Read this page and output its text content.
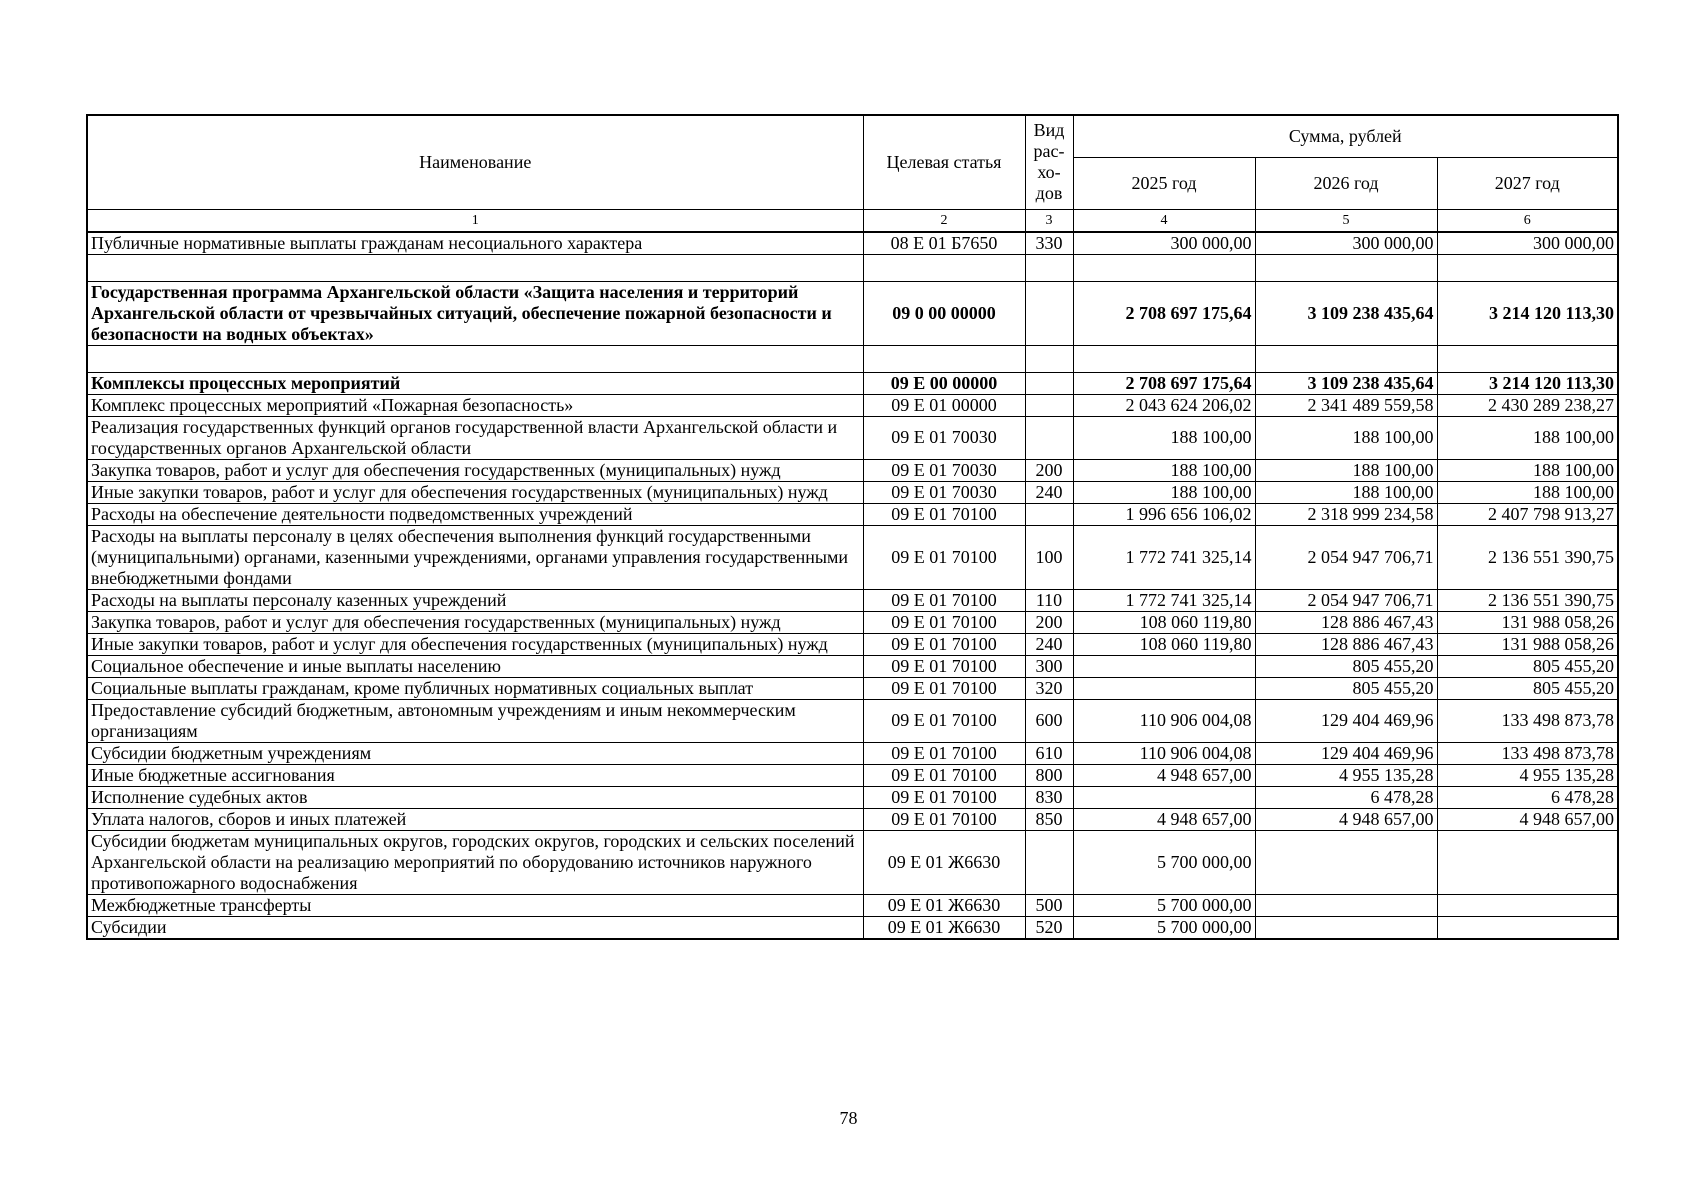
Наименование	Целевая статья	Вид
рас-
хо-
дов	Сумма, рублей		
			2025 год	2026 год	2027 год
1	2	3	4	5	6
Публичные нормативные выплаты гражданам несоциального характера	08 Е 01 Б7650	330	300 000,00	300 000,00	300 000,00

Государственная программа Архангельской области «Защита населения и территорий Архангельской области от чрезвычайных ситуаций, обеспечение пожарной безопасности и безопасности на водных объектах»	09 0 00 00000		2 708 697 175,64	3 109 238 435,64	3 214 120 113,30

Комплексы процессных мероприятий	09 Е 00 00000		2 708 697 175,64	3 109 238 435,64	3 214 120 113,30
Комплекс процессных мероприятий «Пожарная безопасность»	09 Е 01 00000		2 043 624 206,02	2 341 489 559,58	2 430 289 238,27
Реализация государственных функций органов государственной власти Архангельской области и государственных органов Архангельской области	09 Е 01 70030		188 100,00	188 100,00	188 100,00
Закупка товаров, работ и услуг для обеспечения государственных (муниципальных) нужд	09 Е 01 70030	200	188 100,00	188 100,00	188 100,00
Иные закупки товаров, работ и услуг для обеспечения государственных (муниципальных) нужд	09 Е 01 70030	240	188 100,00	188 100,00	188 100,00
Расходы на обеспечение деятельности подведомственных учреждений	09 Е 01 70100		1 996 656 106,02	2 318 999 234,58	2 407 798 913,27
Расходы на выплаты персоналу в целях обеспечения выполнения функций государственными (муниципальными) органами, казенными учреждениями, органами управления государственными внебюджетными фондами	09 Е 01 70100	100	1 772 741 325,14	2 054 947 706,71	2 136 551 390,75
Расходы на выплаты персоналу казенных учреждений	09 Е 01 70100	110	1 772 741 325,14	2 054 947 706,71	2 136 551 390,75
Закупка товаров, работ и услуг для обеспечения государственных (муниципальных) нужд	09 Е 01 70100	200	108 060 119,80	128 886 467,43	131 988 058,26
Иные закупки товаров, работ и услуг для обеспечения государственных (муниципальных) нужд	09 Е 01 70100	240	108 060 119,80	128 886 467,43	131 988 058,26
Социальное обеспечение и иные выплаты населению	09 Е 01 70100	300		805 455,20	805 455,20
Социальные выплаты гражданам, кроме публичных нормативных социальных выплат	09 Е 01 70100	320		805 455,20	805 455,20
Предоставление субсидий бюджетным, автономным учреждениям и иным некоммерческим организациям	09 Е 01 70100	600	110 906 004,08	129 404 469,96	133 498 873,78
Субсидии бюджетным учреждениям	09 Е 01 70100	610	110 906 004,08	129 404 469,96	133 498 873,78
Иные бюджетные ассигнования	09 Е 01 70100	800	4 948 657,00	4 955 135,28	4 955 135,28
Исполнение судебных актов	09 Е 01 70100	830		6 478,28	6 478,28
Уплата налогов, сборов и иных платежей	09 Е 01 70100	850	4 948 657,00	4 948 657,00	4 948 657,00
Субсидии бюджетам муниципальных округов, городских округов, городских и сельских поселений Архангельской области на реализацию мероприятий по оборудованию источников наружного противопожарного водоснабжения	09 Е 01 Ж6630		5 700 000,00		
Межбюджетные трансферты	09 Е 01 Ж6630	500	5 700 000,00		
Субсидии	09 Е 01 Ж6630	520	5 700 000,00		
78
